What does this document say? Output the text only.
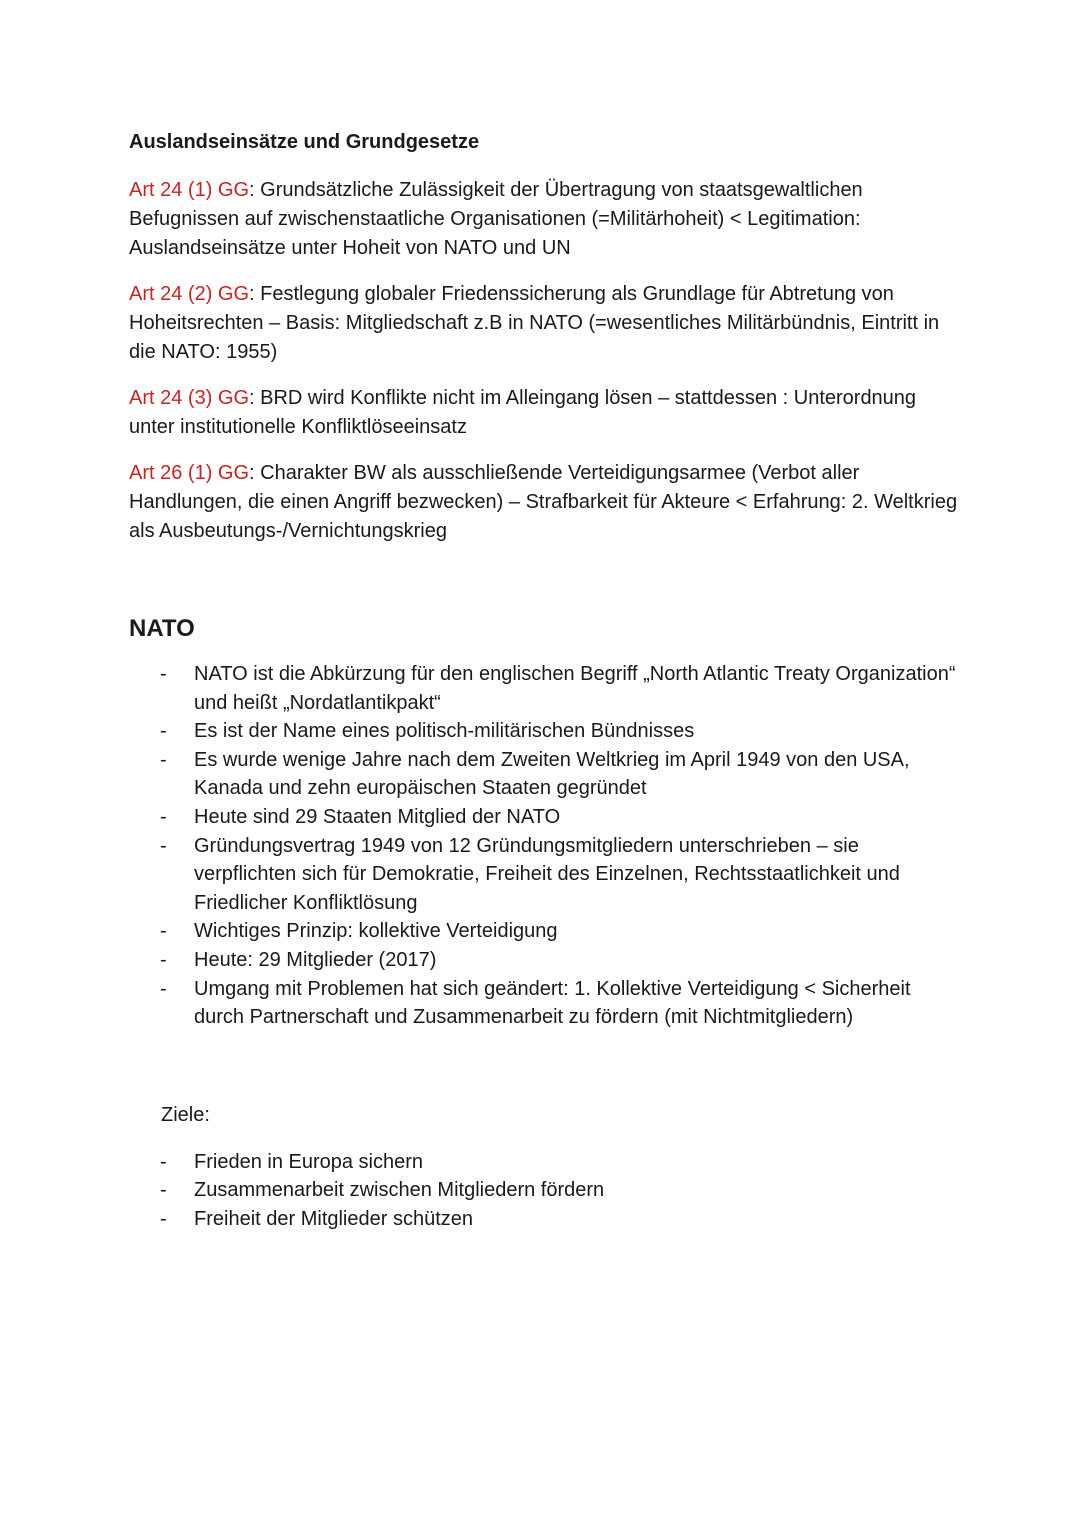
Auslandseinsätze und Grundgesetze

Art 24 (1) GG: Grundsätzliche Zulässigkeit der Übertragung von staatsgewaltlichen Befugnissen auf zwischenstaatliche Organisationen (=Militärhoheit) < Legitimation: Auslandseinsätze unter Hoheit von NATO und UN

Art 24 (2) GG: Festlegung globaler Friedenssicherung als Grundlage für Abtretung von Hoheitsrechten – Basis: Mitgliedschaft z.B in NATO (=wesentliches Militärbündnis, Eintritt in die NATO: 1955)

Art 24 (3) GG: BRD wird Konflikte nicht im Alleingang lösen – stattdessen : Unterordnung unter institutionelle Konfliktlöseeinsatz

Art 26 (1) GG: Charakter BW als ausschließende Verteidigungsarmee (Verbot aller Handlungen, die einen Angriff bezwecken) – Strafbarkeit für Akteure < Erfahrung: 2. Weltkrieg als Ausbeutungs-/Vernichtungskrieg

NATO
- NATO ist die Abkürzung für den englischen Begriff „North Atlantic Treaty Organization“ und heißt „Nordatlantikpakt“
- Es ist der Name eines politisch-militärischen Bündnisses
- Es wurde wenige Jahre nach dem Zweiten Weltkrieg im April 1949 von den USA, Kanada und zehn europäischen Staaten gegründet
- Heute sind 29 Staaten Mitglied der NATO
- Gründungsvertrag 1949 von 12 Gründungsmitgliedern unterschrieben – sie verpflichten sich für Demokratie, Freiheit des Einzelnen, Rechtsstaatlichkeit und Friedlicher Konfliktlösung
- Wichtiges Prinzip: kollektive Verteidigung
- Heute: 29 Mitglieder (2017)
- Umgang mit Problemen hat sich geändert: 1. Kollektive Verteidigung < Sicherheit durch Partnerschaft und Zusammenarbeit zu fördern (mit Nichtmitgliedern)
Ziele:
- Frieden in Europa sichern
- Zusammenarbeit zwischen Mitgliedern fördern
- Freiheit der Mitglieder schützen
